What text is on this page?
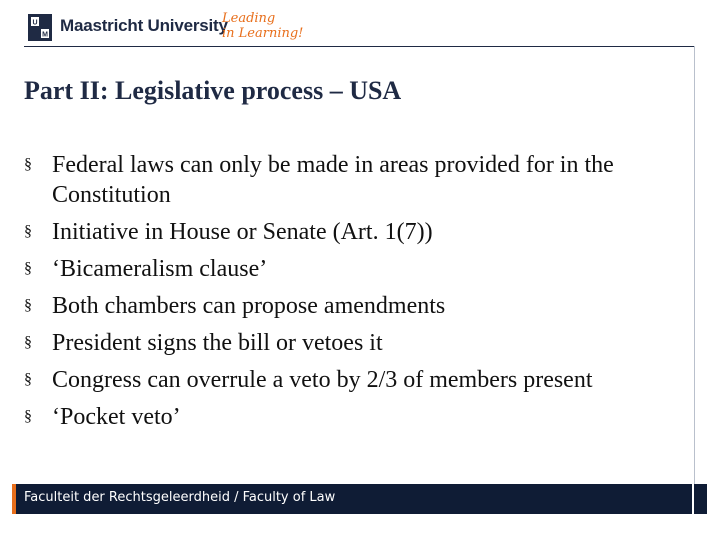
U
M Maastricht University
Leading
in Learning!
Part II: Legislative process – USA
§ Federal laws can only be made in areas provided for in the Constitution
§ Initiative in House or Senate (Art. 1(7))
§ ‘Bicameralism clause’
§ Both chambers can propose amendments
§ President signs the bill or vetoes it
§ Congress can overrule a veto by 2/3 of members present
§ ‘Pocket veto’
Faculteit der Rechtsgeleerdheid / Faculty of Law
